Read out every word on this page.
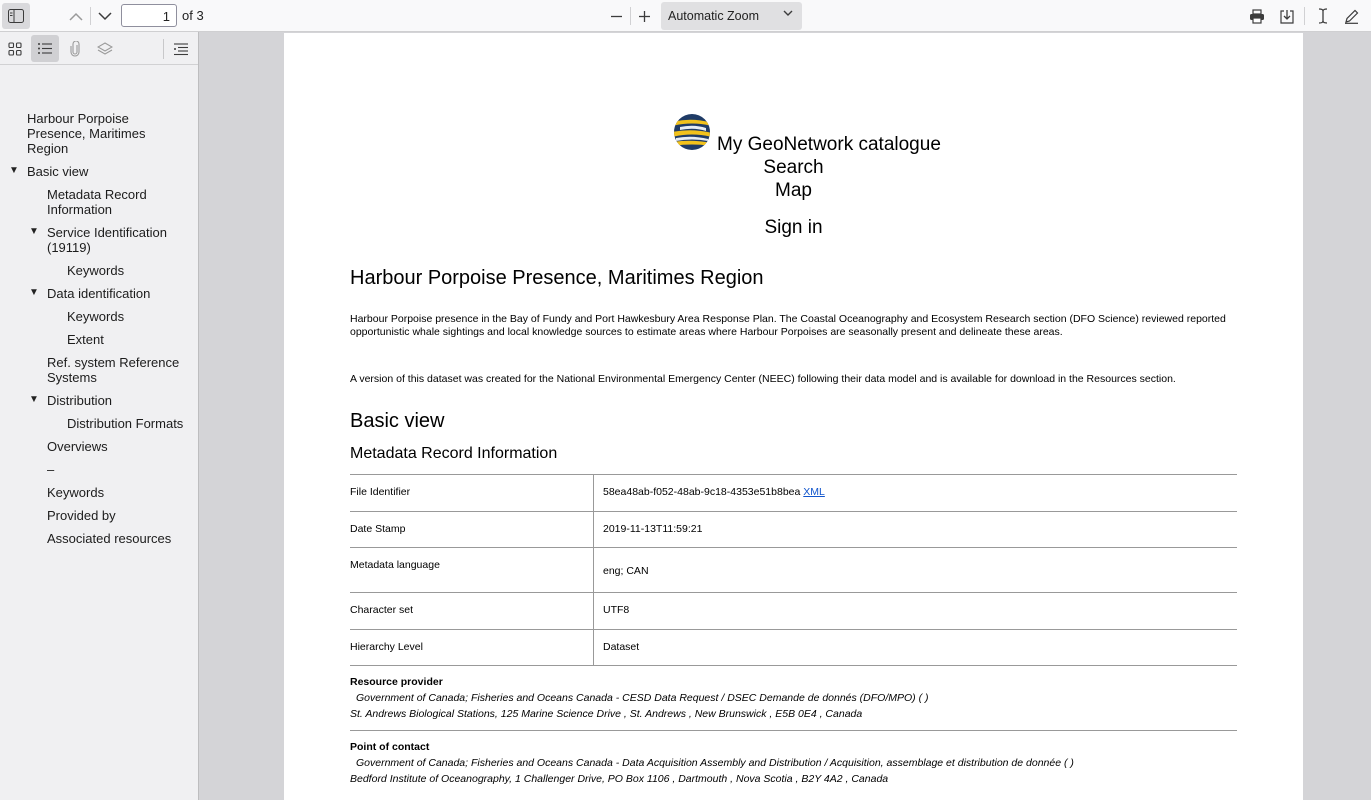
1
of 3	Automatic Zoom
Harbour Porpoise Presence, Maritimes Region
▼ Basic view
Metadata Record Information
▼ Service Identification (19119)
Keywords
▼ Data identification
Keywords
Extent
Ref. system Reference Systems
▼ Distribution
Distribution Formats
Overviews
–
Keywords
Provided by
Associated resources
My GeoNetwork catalogue
Search
Map
Sign in
Harbour Porpoise Presence, Maritimes Region
Harbour Porpoise presence in the Bay of Fundy and Port Hawkesbury Area Response Plan. The Coastal Oceanography and Ecosystem Research section (DFO Science) reviewed reported opportunistic whale sightings and local knowledge sources to estimate areas where Harbour Porpoises are seasonally present and delineate these areas.
A version of this dataset was created for the National Environmental Emergency Center (NEEC) following their data model and is available for download in the Resources section.
Basic view
Metadata Record Information
File Identifier	58ea48ab-f052-48ab-9c18-4353e51b8bea XML
Date Stamp	2019-11-13T11:59:21
Metadata language	eng; CAN
Character set	UTF8
Hierarchy Level	Dataset
Resource provider
Government of Canada; Fisheries and Oceans Canada - CESD Data Request / DSEC Demande de donnés (DFO/MPO) ( )
St. Andrews Biological Stations, 125 Marine Science Drive , St. Andrews , New Brunswick , E5B 0E4 , Canada
Point of contact
Government of Canada; Fisheries and Oceans Canada - Data Acquisition Assembly and Distribution / Acquisition, assemblage et distribution de donnée ( )
Bedford Institute of Oceanography, 1 Challenger Drive, PO Box 1106 , Dartmouth , Nova Scotia , B2Y 4A2 , Canada
